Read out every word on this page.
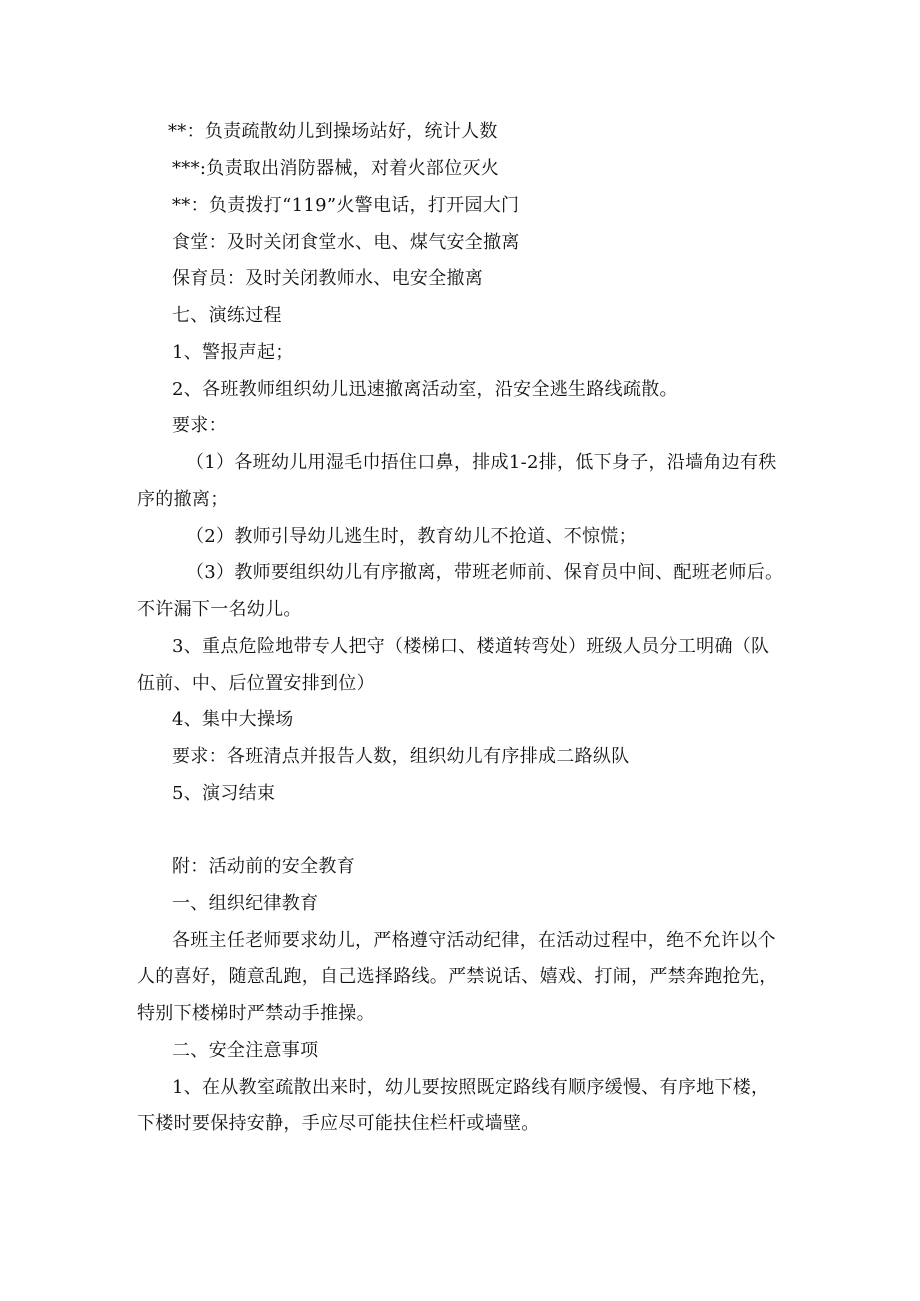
**：负责疏散幼儿到操场站好，统计人数
***:负责取出消防器械，对着火部位灭火
**：负责拨打“119”火警电话，打开园大门
食堂：及时关闭食堂水、电、煤气安全撤离
保育员：及时关闭教师水、电安全撤离
七、演练过程
1、警报声起；
2、各班教师组织幼儿迅速撤离活动室，沿安全逃生路线疏散。
要求：
（1）各班幼儿用湿毛巾捂住口鼻，排成1-2排，低下身子，沿墙角边有秩
序的撤离；
（2）教师引导幼儿逃生时，教育幼儿不抢道、不惊慌；
（3）教师要组织幼儿有序撤离，带班老师前、保育员中间、配班老师后。
不许漏下一名幼儿。
3、重点危险地带专人把守（楼梯口、楼道转弯处）班级人员分工明确（队
伍前、中、后位置安排到位）
4、集中大操场
要求：各班清点并报告人数，组织幼儿有序排成二路纵队
5、演习结束
附：活动前的安全教育
一、组织纪律教育
各班主任老师要求幼儿，严格遵守活动纪律，在活动过程中，绝不允许以个
人的喜好，随意乱跑，自己选择路线。严禁说话、嬉戏、打闹，严禁奔跑抢先，
特别下楼梯时严禁动手推操。
二、安全注意事项
1、在从教室疏散出来时，幼儿要按照既定路线有顺序缓慢、有序地下楼，
下楼时要保持安静，手应尽可能扶住栏杆或墙壁。
